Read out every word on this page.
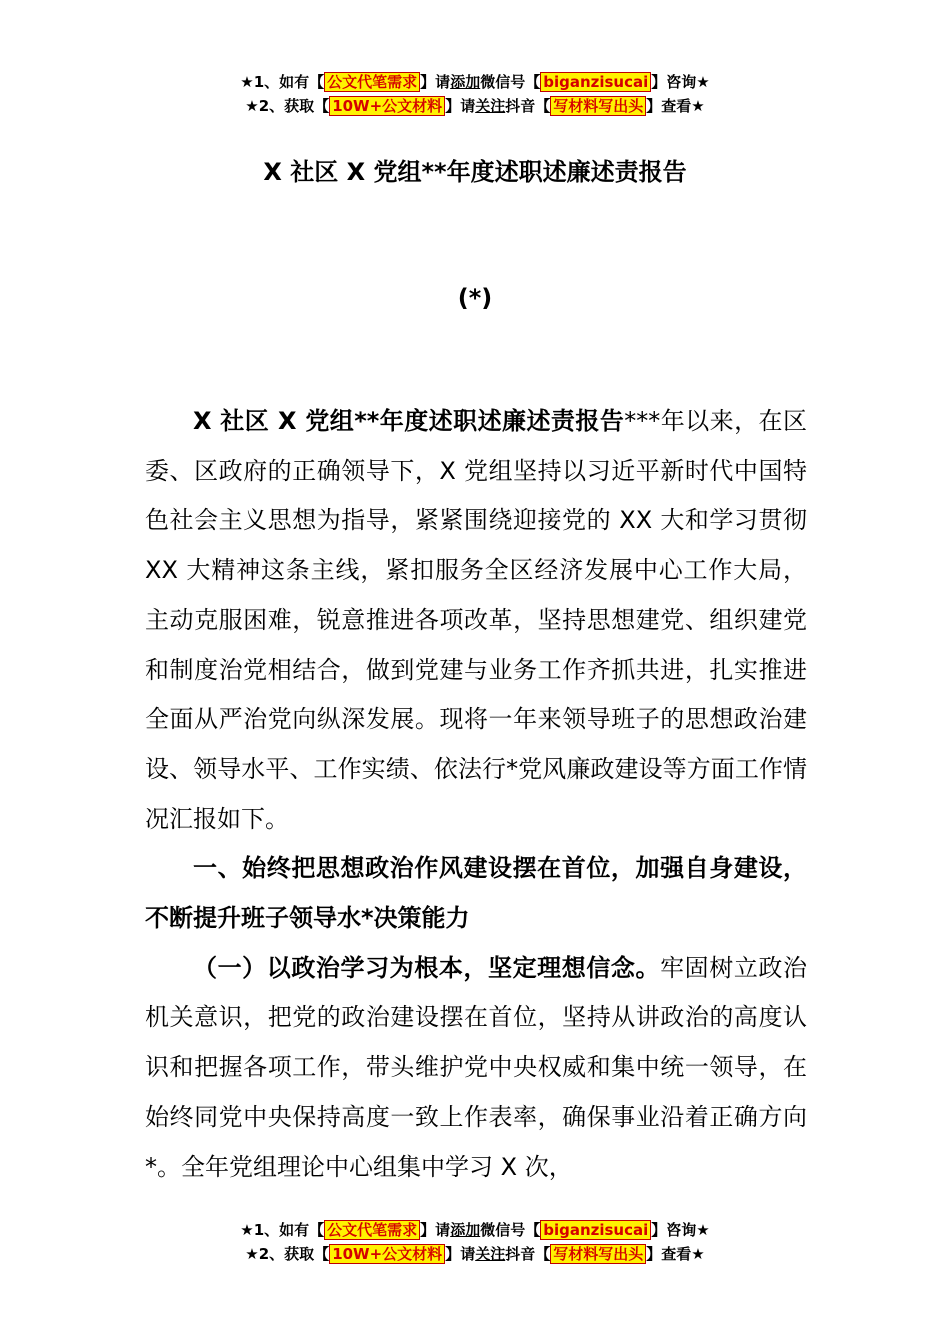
★1、如有【 公文代笔需求 】请添加微信号【 biganzisucai 】咨询★
★2、获取【 10W+公文材料 】请关注抖音【 写材料写出头 】查看★
X 社区 X 党组**年度述职述廉述责报告
(*)

X 社区 X 党组**年度述职述廉述责报告***年以来，在区委、区政府的正确领导下，X 党组坚持以习近平新时代中国特色社会主义思想为指导，紧紧围绕迎接党的 XX 大和学习贯彻 XX 大精神这条主线，紧扣服务全区经济发展中心工作大局，主动克服困难，锐意推进各项改革，坚持思想建党、组织建党和制度治党相结合，做到党建与业务工作齐抓共进，扎实推进全面从严治党向纵深发展。现将一年来领导班子的思想政治建设、领导水平、工作实绩、依法行*党风廉政建设等方面工作情况汇报如下。

一、始终把思想政治作风建设摆在首位，加强自身建设，不断提升班子领导水*决策能力

（一）以政治学习为根本，坚定理想信念。牢固树立政治机关意识，把党的政治建设摆在首位，坚持从讲政治的高度认识和把握各项工作，带头维护党中央权威和集中统一领导，在始终同党中央保持高度一致上作表率，确保事业沿着正确方向*。全年党组理论中心组集中学习 X 次，

★1、如有【 公文代笔需求 】请添加微信号【 biganzisucai 】咨询★
★2、获取【 10W+公文材料 】请关注抖音【 写材料写出头 】查看★
